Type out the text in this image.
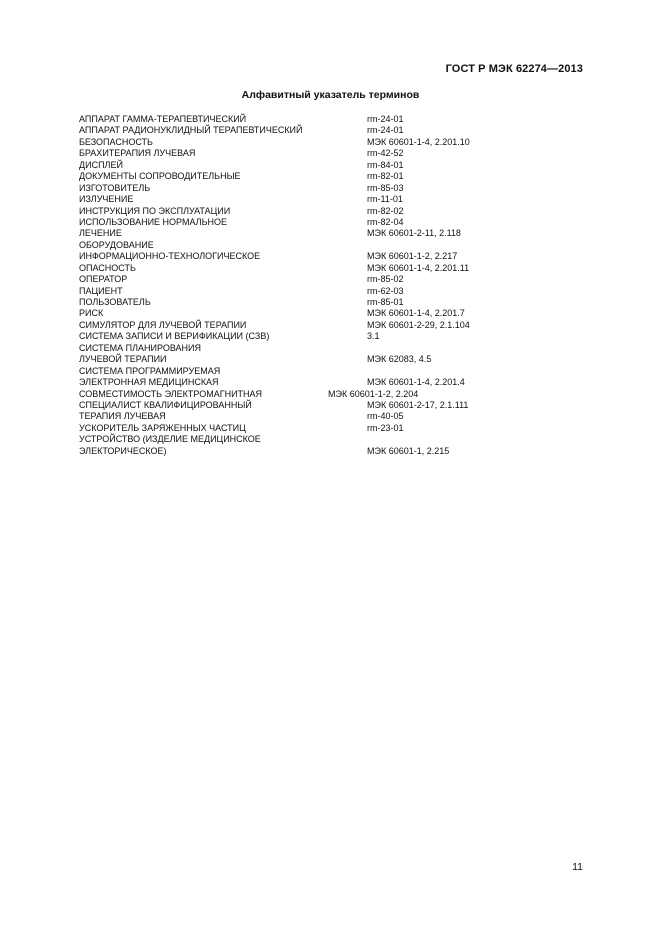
ГОСТ Р МЭК 62274—2013
Алфавитный указатель терминов
АППАРАТ ГАММА-ТЕРАПЕВТИЧЕСКИЙ	rm-24-01
АППАРАТ РАДИОНУКЛИДНЫЙ ТЕРАПЕВТИЧЕСКИЙ	rm-24-01
БЕЗОПАСНОСТЬ	МЭК 60601-1-4, 2.201.10
БРАХИТЕРАПИЯ ЛУЧЕВАЯ	rm-42-52
ДИСПЛЕЙ	rm-84-01
ДОКУМЕНТЫ СОПРОВОДИТЕЛЬНЫЕ	rm-82-01
ИЗГОТОВИТЕЛЬ	rm-85-03
ИЗЛУЧЕНИЕ	rm-11-01
ИНСТРУКЦИЯ ПО ЭКСПЛУАТАЦИИ	rm-82-02
ИСПОЛЬЗОВАНИЕ НОРМАЛЬНОЕ	rm-82-04
ЛЕЧЕНИЕ	МЭК 60601-2-11, 2.118
ОБОРУДОВАНИЕ
ИНФОРМАЦИОННО-ТЕХНОЛОГИЧЕСКОЕ	МЭК 60601-1-2, 2.217
ОПАСНОСТЬ	МЭК 60601-1-4, 2.201.11
ОПЕРАТОР	rm-85-02
ПАЦИЕНТ	rm-62-03
ПОЛЬЗОВАТЕЛЬ	rm-85-01
РИСК	МЭК 60601-1-4, 2.201.7
СИМУЛЯТОР ДЛЯ ЛУЧЕВОЙ ТЕРАПИИ	МЭК 60601-2-29, 2.1.104
СИСТЕМА ЗАПИСИ И ВЕРИФИКАЦИИ (СЗВ)	3.1
СИСТЕМА ПЛАНИРОВАНИЯ
ЛУЧЕВОЙ ТЕРАПИИ	МЭК 62083, 4.5
СИСТЕМА ПРОГРАММИРУЕМАЯ
ЭЛЕКТРОННАЯ МЕДИЦИНСКАЯ	МЭК 60601-1-4, 2.201.4
СОВМЕСТИМОСТЬ ЭЛЕКТРОМАГНИТНАЯ	МЭК 60601-1-2, 2.204
СПЕЦИАЛИСТ КВАЛИФИЦИРОВАННЫЙ	МЭК 60601-2-17, 2.1.111
ТЕРАПИЯ ЛУЧЕВАЯ	rm-40-05
УСКОРИТЕЛЬ ЗАРЯЖЕННЫХ ЧАСТИЦ	rm-23-01
УСТРОЙСТВО (ИЗДЕЛИЕ МЕДИЦИНСКОЕ
ЭЛЕКТОРИЧЕСКОЕ)	МЭК 60601-1, 2.215
11
